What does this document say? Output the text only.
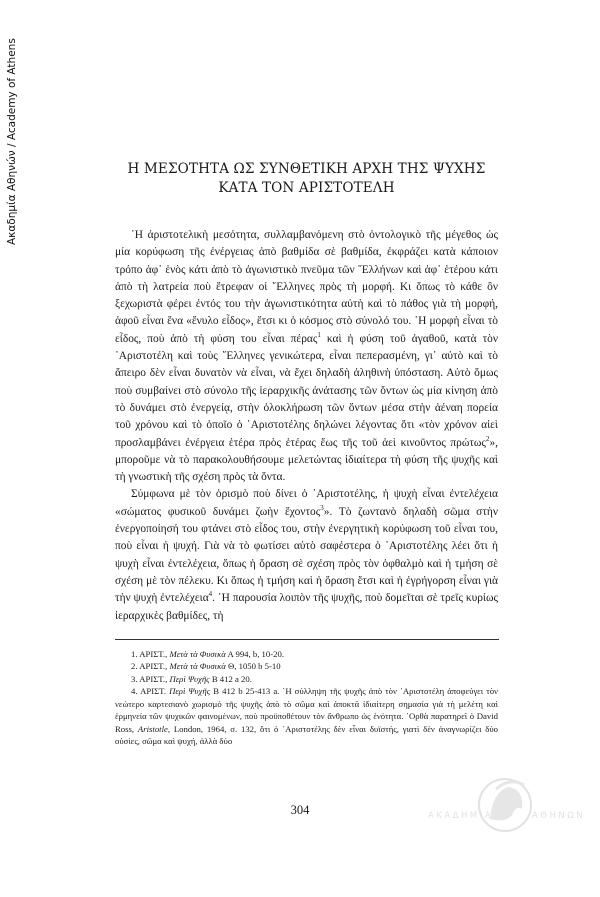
Ακαδημία Αθηνών / Academy of Athens	Η ΜΕΣΟΤΗΤΑ ΩΣ ΣΥΝΘΕΤΙΚΗ ΑΡΧΗ ΤΗΣ ΨΥΧΗΣ
ΚΑΤΑ ΤΟΝ ΑΡΙΣΤΟΤΕΛΗ

῾Η ἀριστοτελικὴ μεσότητα, συλλαμβανόμενη στὸ ὀντολογικὸ τῆς μέγεθος ὡς μία κορύφωση τῆς ἐνέργειας ἀπὸ βαθμίδα σὲ βαθμίδα, ἐκφράζει κατὰ κάποιον τρόπο ἀφ᾽ ἑνὸς κάτι ἀπὸ τὸ ἀγωνιστικὸ πνεῦμα τῶν ῞Ελλήνων καὶ ἀφ᾽ ἑτέρου κάτι ἀπὸ τὴ λατρεία ποὺ ἔτρεφαν οἱ ῞Ελληνες πρὸς τὴ μορφή. Κι ὅπως τὸ κάθε ὂν ξεχωριστὰ φέρει ἐντός του τὴν ἀγωνιστικότητα αὐτὴ καὶ τὸ πάθος γιὰ τὴ μορφή, ἀφοῦ εἶναι ἕνα «ἔνυλο εἶδος», ἔτσι κι ὁ κόσμος στὸ σύνολό του. ῾Η μορφὴ εἶναι τὸ εἶδος, ποὺ ἀπὸ τὴ φύση του εἶναι πέρας$^1$ καὶ ἡ φύση τοῦ ἀγαθοῦ, κατὰ τὸν ᾿Αριστοτέλη καὶ τοὺς ῞Ελληνες γενικώτερα, εἶναι πεπερασμένη, γι᾽ αὐτὸ καὶ τὸ ἄπειρο δὲν εἶναι δυνατὸν νὰ εἶναι, νὰ ἔχει δηλαδὴ ἀληθινὴ ὑπόσταση. Αὐτὸ ὅμως ποὺ συμβαίνει στὸ σύνολο τῆς ἱεραρχικῆς ἀνάτασης τῶν ὄντων ὡς μία κίνηση ἀπὸ τὸ δυνάμει στὸ ἐνεργείᾳ, στὴν ὁλοκλήρωση τῶν ὄντων μέσα στὴν ἀέναη πορεία τοῦ χρόνου καὶ τὸ ὁποῖο ὁ ᾿Αριστοτέλης δηλώνει λέγοντας ὅτι «τὸν χρόνον αἰεὶ προσλαμβάνει ἐνέργεια ἑτέρα πρὸς ἑτέρας ἕως τῆς τοῦ ἀεὶ κινοῦντος πρώτως$^2$», μποροῦμε νὰ τὸ παρακολουθήσουμε μελετώντας ἰδιαίτερα τὴ φύση τῆς ψυχῆς καὶ τὴ γνωστικὴ τῆς σχέση πρὸς τὰ ὄντα.

Σύμφωνα μὲ τὸν ὁρισμὸ ποὺ δίνει ὁ ᾿Αριστοτέλης, ἡ ψυχὴ εἶναι ἐντελέχεια «σώματος φυσικοῦ δυνάμει ζωὴν ἔχοντος$^3$». Τὸ ζωντανὸ δηλαδὴ σῶμα στὴν ἐνεργοποίησή του φτάνει στὸ εἶδος του, στὴν ἐνεργητικὴ κορύφωση τοῦ εἶναι του, ποὺ εἶναι ἡ ψυχή. Γιὰ νὰ τὸ φωτίσει αὐτὸ σαφέστερα ὁ ᾿Αριστοτέλης λέει ὅτι ἡ ψυχὴ εἶναι ἐντελέχεια, ὅπως ἡ ὅραση σὲ σχέση πρὸς τὸν ὀφθαλμὸ καὶ ἡ τμήση σὲ σχέση μὲ τὸν πέλεκυ. Κι ὅπως ἡ τμήση καὶ ἡ ὅραση ἔτσι καὶ ἡ ἐγρήγορση εἶναι γιὰ τὴν ψυχὴ ἐντελέχεια$^4$. ῾Η παρουσία λοιπὸν τῆς ψυχῆς, ποὺ δομεῖται σὲ τρεῖς κυρίως ἱεραρχικὲς βαθμίδες, τὴ

1. ΑΡΙΣΤ., Μετὰ τὰ Φυσικὰ Α 994, b, 10-20.
2. ΑΡΙΣΤ., Μετὰ τὰ Φυσικὰ Θ, 1050 b 5-10
3. ΑΡΙΣΤ., Περὶ Ψυχῆς Β 412 a 20.
4. ΑΡΙΣΤ. Περὶ Ψυχῆς Β 412 b 25-413 a. ῾Η σύλληψη τῆς ψυχῆς ἀπὸ τὸν ᾿Αριστοτέλη ἀποφεύγει τὸν νεώτερο καρτεσιανὸ χωρισμὸ τῆς ψυχῆς ἀπὸ τὸ σῶμα καὶ ἀποκτᾶ ἰδιαίτερη σημασία γιὰ τὴ μελέτη καὶ ἑρμηνεία τῶν ψυχικῶν φαινομένων, ποὺ προϋποθέτουν τὸν ἄνθρωπο ὡς ἑνότητα. ᾿Ορθὰ παρατηρεῖ ὁ David Ross, Aristotle, London, 1964, σ. 132, ὅτι ὁ ᾿Αριστοτέλης δὲν εἶναι δυϊστής, γιατὶ δὲν ἀναγνωρίζει δύο οὐσίες, σῶμα καὶ ψυχή, ἀλλὰ δύο
304	ΑΚΑΔΗΜΙΑ	ΑΘΗΝΩΝ
